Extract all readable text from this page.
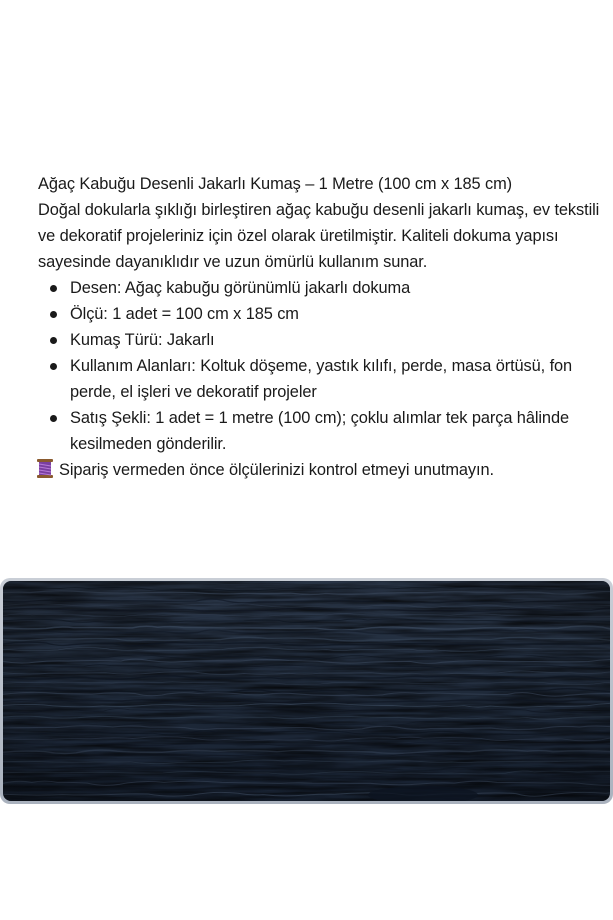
Ağaç Kabuğu Desenli Jakarlı Kumaş – 1 Metre (100 cm x 185 cm)

Doğal dokularla şıklığı birleştiren ağaç kabuğu desenli jakarlı kumaş, ev tekstili ve dekoratif projeleriniz için özel olarak üretilmiştir. Kaliteli dokuma yapısı sayesinde dayanıklıdır ve uzun ömürlü kullanım sunar.

Desen: Ağaç kabuğu görünümlü jakarlı dokuma
Ölçü: 1 adet = 100 cm x 185 cm
Kumaş Türü: Jakarlı
Kullanım Alanları: Koltuk döşeme, yastık kılıfı, perde, masa örtüsü, fon perde, el işleri ve dekoratif projeler
Satış Şekli: 1 adet = 1 metre (100 cm); çoklu alımlar tek parça hâlinde kesilmeden gönderilir.

Sipariş vermeden önce ölçülerinizi kontrol etmeyi unutmayın.
